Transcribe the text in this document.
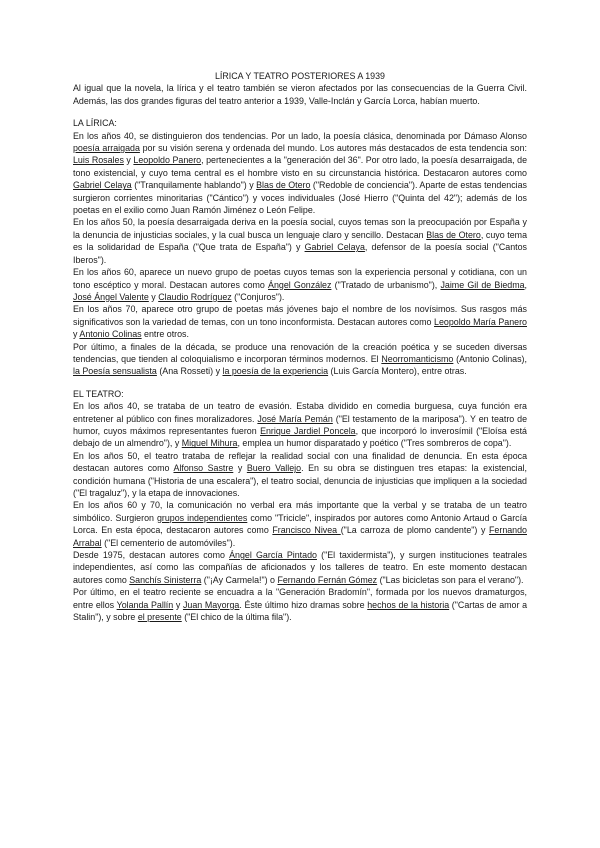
LÍRICA Y TEATRO POSTERIORES A 1939

Al igual que la novela, la lírica y el teatro también se vieron afectados por las consecuencias de la Guerra Civil. Además, las dos grandes figuras del teatro anterior a 1939, Valle-Inclán y García Lorca, habían muerto.

LA LÍRICA:

En los años 40, se distinguieron dos tendencias. Por un lado, la poesía clásica, denominada por Dámaso Alonso poesía arraigada por su visión serena y ordenada del mundo. Los autores más destacados de esta tendencia son: Luis Rosales y Leopoldo Panero, pertenecientes a la "generación del 36". Por otro lado, la poesía desarraigada, de tono existencial, y cuyo tema central es el hombre visto en su circunstancia histórica. Destacaron autores como Gabriel Celaya ("Tranquilamente hablando") y Blas de Otero ("Redoble de conciencia"). Aparte de estas tendencias surgieron corrientes minoritarias ("Cántico") y voces individuales (José Hierro ("Quinta del 42"); además de los poetas en el exilio como Juan Ramón Jiménez o León Felipe.

En los años 50, la poesía desarraigada deriva en la poesía social, cuyos temas son la preocupación por España y la denuncia de injusticias sociales, y la cual busca un lenguaje claro y sencillo. Destacan Blas de Otero, cuyo tema es la solidaridad de España ("Que trata de España") y Gabriel Celaya, defensor de la poesía social ("Cantos Iberos").

En los años 60, aparece un nuevo grupo de poetas cuyos temas son la experiencia personal y cotidiana, con un tono escéptico y moral. Destacan autores como Ángel González ("Tratado de urbanismo"), Jaime Gil de Biedma, José Ángel Valente y Claudio Rodríguez ("Conjuros").

En los años 70, aparece otro grupo de poetas más jóvenes bajo el nombre de los novísimos. Sus rasgos más significativos son la variedad de temas, con un tono inconformista. Destacan autores como Leopoldo María Panero y Antonio Colinas entre otros.

Por último, a finales de la década, se produce una renovación de la creación poética y se suceden diversas tendencias, que tienden al coloquialismo e incorporan términos modernos. El Neorromanticismo (Antonio Colinas), la Poesía sensualista (Ana Rosseti) y la poesía de la experiencia (Luis García Montero), entre otras.

EL TEATRO:

En los años 40, se trataba de un teatro de evasión. Estaba dividido en comedia burguesa, cuya función era entretener al público con fines moralizadores. José María Pemán ("El testamento de la mariposa"). Y en teatro de humor, cuyos máximos representantes fueron Enrique Jardiel Poncela, que incorporó lo inverosímil ("Eloísa está debajo de un almendro"), y Miguel Mihura, emplea un humor disparatado y poético ("Tres sombreros de copa").

En los años 50, el teatro trataba de reflejar la realidad social con una finalidad de denuncia. En esta época destacan autores como Alfonso Sastre y Buero Vallejo. En su obra se distinguen tres etapas: la existencial, condición humana ("Historia de una escalera"), el teatro social, denuncia de injusticias que impliquen a la sociedad ("El tragaluz"), y la etapa de innovaciones.

En los años 60 y 70, la comunicación no verbal era más importante que la verbal y se trataba de un teatro simbólico. Surgieron grupos independientes como "Tricicle", inspirados por autores como Antonio Artaud o García Lorca. En esta época, destacaron autores como Francisco Nivea ("La carroza de plomo candente") y Fernando Arrabal ("El cementerio de automóviles").

Desde 1975, destacan autores como Ángel García Pintado ("El taxidermista"), y surgen instituciones teatrales independientes, así como las compañías de aficionados y los talleres de teatro. En este momento destacan autores como Sanchís Sinisterra ("¡Ay Carmela!") o Fernando Fernán Gómez ("Las bicicletas son para el verano").

Por último, en el teatro reciente se encuadra a la "Generación Bradomín", formada por los nuevos dramaturgos, entre ellos Yolanda Pallín y Juan Mayorga. Éste último hizo dramas sobre hechos de la historia ("Cartas de amor a Stalin"), y sobre el presente ("El chico de la última fila").
